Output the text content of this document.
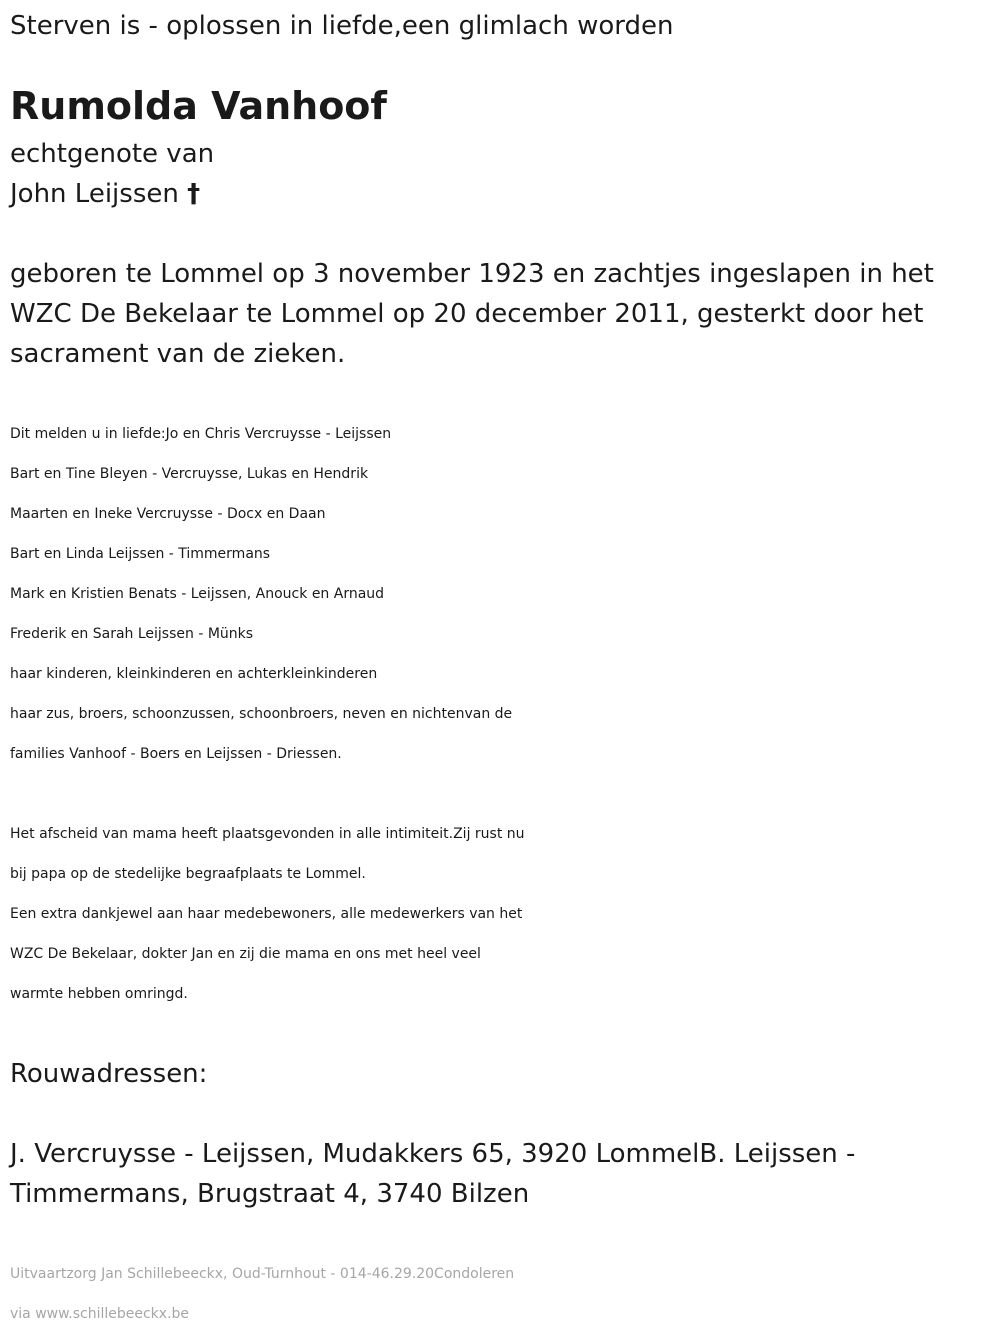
Sterven is - oplossen in liefde,een glimlach worden
Rumolda Vanhoof
echtgenote van
John Leijssen †
geboren te Lommel op 3 november 1923 en zachtjes ingeslapen in het
WZC De Bekelaar te Lommel op 20 december 2011, gesterkt door het
sacrament van de zieken.
Dit melden u in liefde:Jo en Chris Vercruysse - Leijssen
Bart en Tine Bleyen - Vercruysse, Lukas en Hendrik
Maarten en Ineke Vercruysse - Docx en Daan
Bart en Linda Leijssen - Timmermans
Mark en Kristien Benats - Leijssen, Anouck en Arnaud
Frederik en Sarah Leijssen - Münks
haar kinderen, kleinkinderen en achterkleinkinderen
haar zus, broers, schoonzussen, schoonbroers, neven en nichtenvan de
families Vanhoof - Boers en Leijssen - Driessen.
Het afscheid van mama heeft plaatsgevonden in alle intimiteit.Zij rust nu
bij papa op de stedelijke begraafplaats te Lommel.
Een extra dankjewel aan haar medebewoners, alle medewerkers van het
WZC De Bekelaar, dokter Jan en zij die mama en ons met heel veel
warmte hebben omringd.
Rouwadressen:
J. Vercruysse - Leijssen, Mudakkers 65, 3920 LommelB. Leijssen -
Timmermans, Brugstraat 4, 3740 Bilzen
Uitvaartzorg Jan Schillebeeckx, Oud-Turnhout - 014-46.29.20Condoleren
via www.schillebeeckx.be
